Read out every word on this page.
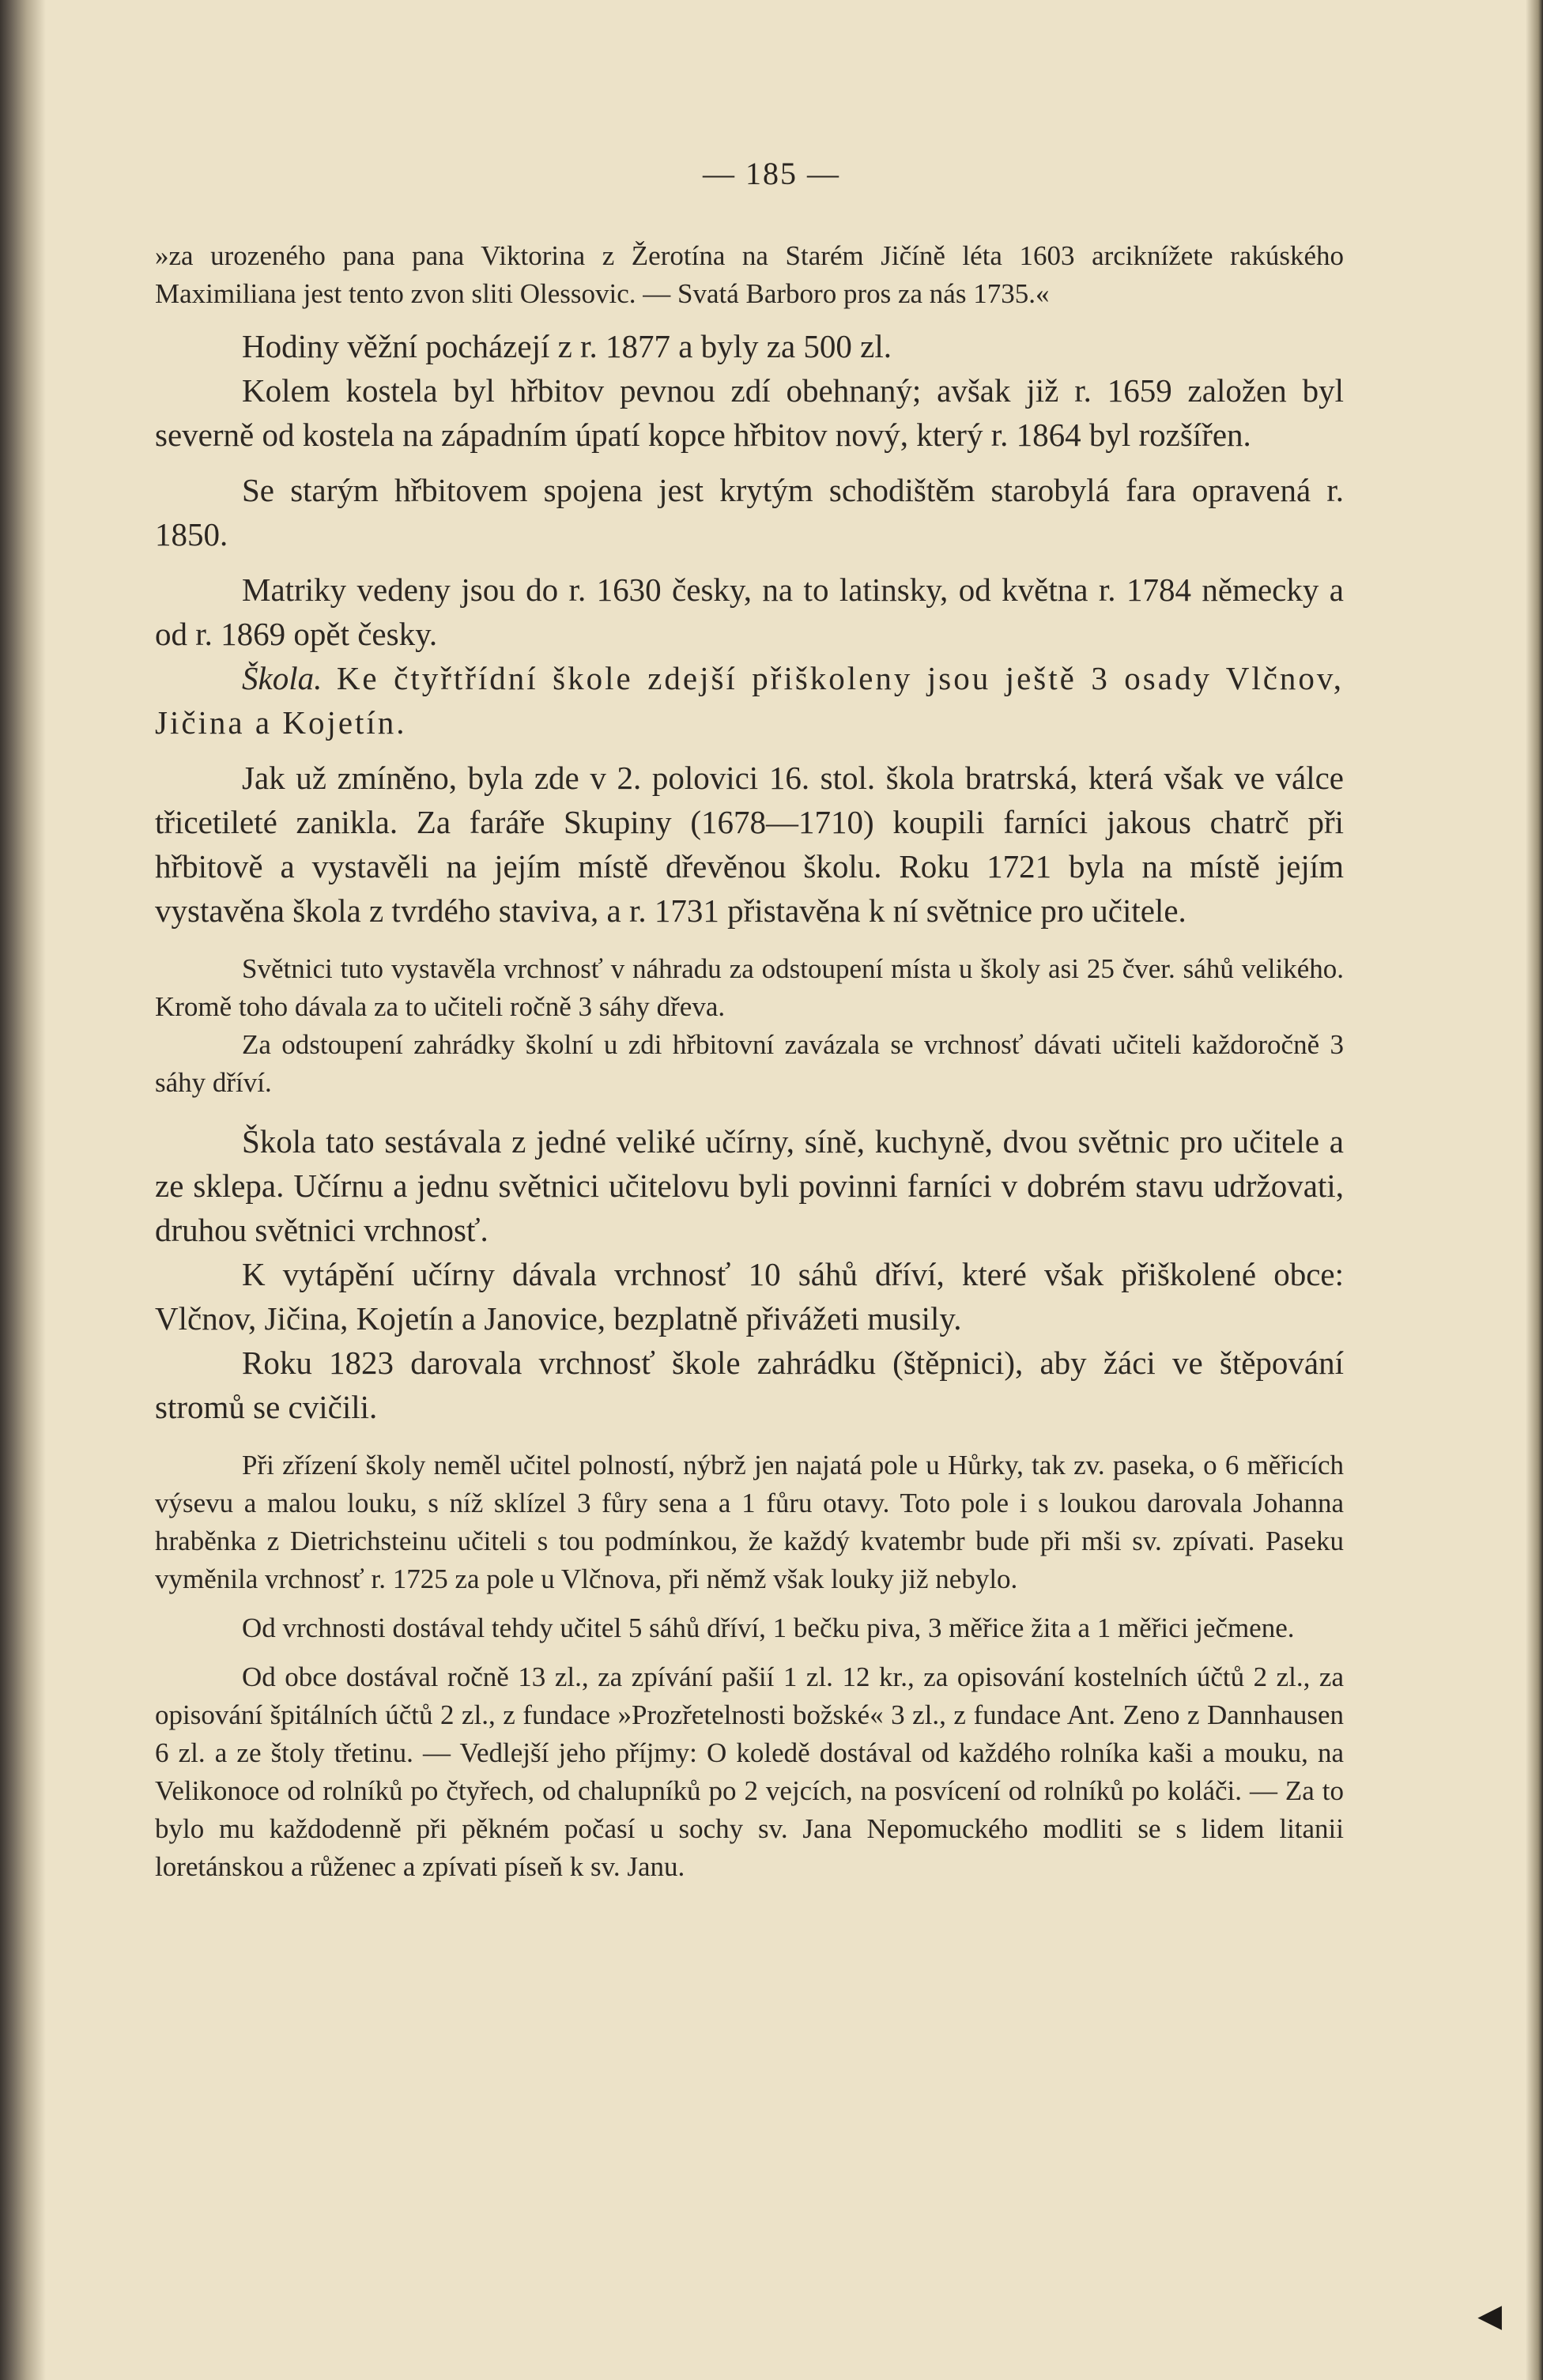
— 185 —

»za urozeného pana pana Viktorina z Žerotína na Starém Jičíně léta 1603 arciknížete rakúského Maximiliana jest tento zvon sliti Olessovic. — Svatá Barboro pros za nás 1735.«

Hodiny věžní pocházejí z r. 1877 a byly za 500 zl.

Kolem kostela byl hřbitov pevnou zdí obehnaný; avšak již r. 1659 založen byl severně od kostela na západním úpatí kopce hřbitov nový, který r. 1864 byl rozšířen.

Se starým hřbitovem spojena jest krytým schodištěm starobylá fara opravená r. 1850.

Matriky vedeny jsou do r. 1630 česky, na to latinsky, od května r. 1784 německy a od r. 1869 opět česky.

Škola. Ke čtyřtřídní škole zdejší přiškoleny jsou ještě 3 osady Vlčnov, Jičina a Kojetín.

Jak už zmíněno, byla zde v 2. polovici 16. stol. škola bratrská, která však ve válce třicetileté zanikla. Za faráře Skupiny (1678—1710) koupili farníci jakous chatrč při hřbitově a vystavěli na jejím místě dřevěnou školu. Roku 1721 byla na místě jejím vystavěna škola z tvrdého staviva, a r. 1731 přistavěna k ní světnice pro učitele.

Světnici tuto vystavěla vrchnosť v náhradu za odstoupení místa u školy asi 25 čver. sáhů velikého. Kromě toho dávala za to učiteli ročně 3 sáhy dřeva.

Za odstoupení zahrádky školní u zdi hřbitovní zavázala se vrchnosť dávati učiteli každoročně 3 sáhy dříví.

Škola tato sestávala z jedné veliké učírny, síně, kuchyně, dvou světnic pro učitele a ze sklepa. Učírnu a jednu světnici učitelovu byli povinni farníci v dobrém stavu udržovati, druhou světnici vrchnosť.

K vytápění učírny dávala vrchnosť 10 sáhů dříví, které však přiškolené obce: Vlčnov, Jičina, Kojetín a Janovice, bezplatně přivážeti musily.

Roku 1823 darovala vrchnosť škole zahrádku (štěpnici), aby žáci ve štěpování stromů se cvičili.

Při zřízení školy neměl učitel polností, nýbrž jen najatá pole u Hůrky, tak zv. paseka, o 6 měřicích výsevu a malou louku, s níž sklízel 3 fůry sena a 1 fůru otavy. Toto pole i s loukou darovala Johanna hraběnka z Dietrichsteinu učiteli s tou podmínkou, že každý kvatembr bude při mši sv. zpívati. Paseku vyměnila vrchnosť r. 1725 za pole u Vlčnova, při němž však louky již nebylo.

Od vrchnosti dostával tehdy učitel 5 sáhů dříví, 1 bečku piva, 3 měřice žita a 1 měřici ječmene.

Od obce dostával ročně 13 zl., za zpívání pašií 1 zl. 12 kr., za opisování kostelních účtů 2 zl., za opisování špitálních účtů 2 zl., z fundace »Prozřetelnosti božské« 3 zl., z fundace Ant. Zeno z Dannhausen 6 zl. a ze štoly třetinu. — Vedlejší jeho příjmy: O koledě dostával od každého rolníka kaši a mouku, na Velikonoce od rolníků po čtyřech, od chalupníků po 2 vejcích, na posvícení od rolníků po koláči. — Za to bylo mu každodenně při pěkném počasí u sochy sv. Jana Nepomuckého modliti se s lidem litanii loretánskou a růženec a zpívati píseň k sv. Janu.

◀
